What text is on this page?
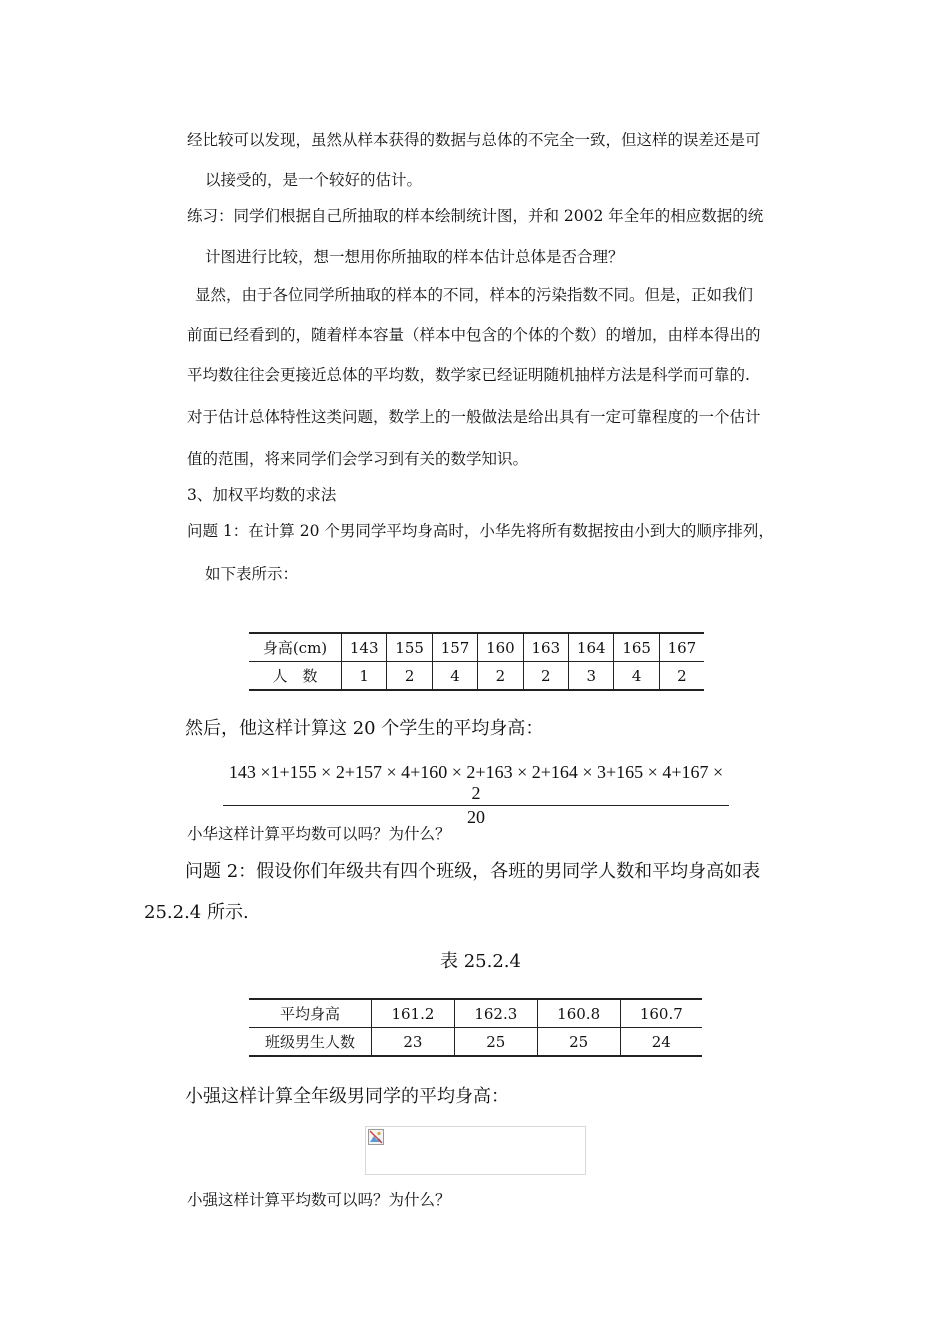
经比较可以发现，虽然从样本获得的数据与总体的不完全一致，但这样的误差还是可
以接受的，是一个较好的估计。
练习：同学们根据自己所抽取的样本绘制统计图，并和 2002 年全年的相应数据的统
计图进行比较，想一想用你所抽取的样本估计总体是否合理？
显然，由于各位同学所抽取的样本的不同，样本的污染指数不同。但是，正如我们
前面已经看到的，随着样本容量（样本中包含的个体的个数）的增加，由样本得出的
平均数往往会更接近总体的平均数，数学家已经证明随机抽样方法是科学而可靠的.
对于估计总体特性这类问题，数学上的一般做法是给出具有一定可靠程度的一个估计
值的范围，将来同学们会学习到有关的数学知识。
3、加权平均数的求法
问题 1：在计算 20 个男同学平均身高时，小华先将所有数据按由小到大的顺序排列，
如下表所示：
身高(cm)	143	155	157	160	163	164	165	167
人　数	1	2	4	2	2	3	4	2
然后，他这样计算这 20 个学生的平均身高：
143 ×1+155 × 2+157 × 4+160 × 2+163 × 2+164 × 3+165 × 4+167 × 2
20
小华这样计算平均数可以吗？为什么？
问题 2：假设你们年级共有四个班级，各班的男同学人数和平均身高如表
25.2.4 所示.
表 25.2.4
平均身高	161.2	162.3	160.8	160.7
班级男生人数	23	25	25	24
小强这样计算全年级男同学的平均身高：
小强这样计算平均数可以吗？为什么？
